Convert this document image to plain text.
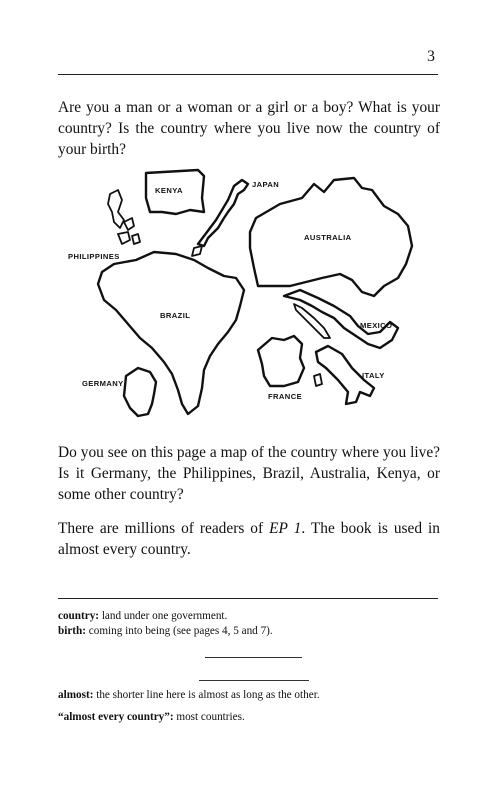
3

Are you a man or a woman or a girl or a boy? What is your country? Is the country where you live now the country of your birth?

KENYA
JAPAN
AUSTRALIA
PHILIPPINES
BRAZIL
MEXICO
ITALY
GERMANY
FRANCE

Do you see on this page a map of the country where you live? Is it Germany, the Philippines, Brazil, Australia, Kenya, or some other country?

There are millions of readers of EP 1. The book is used in almost every country.

country: land under one government.

birth: coming into being (see pages 4, 5 and 7).

almost: the shorter line here is almost as long as the other.

“almost every country”: most countries.
